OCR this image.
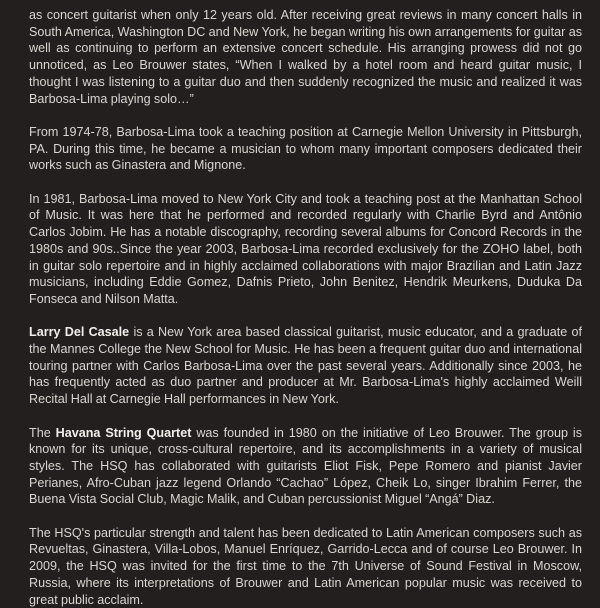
as concert guitarist when only 12 years old. After receiving great reviews in many concert halls in South America, Washington DC and New York, he began writing his own arrangements for guitar as well as continuing to perform an extensive concert schedule. His arranging prowess did not go unnoticed, as Leo Brouwer states, “When I walked by a hotel room and heard guitar music, I thought I was listening to a guitar duo and then suddenly recognized the music and realized it was Barbosa-Lima playing solo…”

From 1974-78, Barbosa-Lima took a teaching position at Carnegie Mellon University in Pittsburgh, PA. During this time, he became a musician to whom many important composers dedicated their works such as Ginastera and Mignone.

In 1981, Barbosa-Lima moved to New York City and took a teaching post at the Manhattan School of Music. It was here that he performed and recorded regularly with Charlie Byrd and Antônio Carlos Jobim. He has a notable discography, recording several albums for Concord Records in the 1980s and 90s..Since the year 2003, Barbosa-Lima recorded exclusively for the ZOHO label, both in guitar solo repertoire and in highly acclaimed collaborations with major Brazilian and Latin Jazz musicians, including Eddie Gomez, Dafnis Prieto, John Benitez, Hendrik Meurkens, Duduka Da Fonseca and Nilson Matta.

Larry Del Casale is a New York area based classical guitarist, music educator, and a graduate of the Mannes College the New School for Music. He has been a frequent guitar duo and international touring partner with Carlos Barbosa-Lima over the past several years. Additionally since 2003, he has frequently acted as duo partner and producer at Mr. Barbosa-Lima's highly acclaimed Weill Recital Hall at Carnegie Hall performances in New York.

The Havana String Quartet was founded in 1980 on the initiative of Leo Brouwer. The group is known for its unique, cross-cultural repertoire, and its accomplishments in a variety of musical styles. The HSQ has collaborated with guitarists Eliot Fisk, Pepe Romero and pianist Javier Perianes, Afro-Cuban jazz legend Orlando “Cachao” López, Cheik Lo, singer Ibrahim Ferrer, the Buena Vista Social Club, Magic Malik, and Cuban percussionist Miguel “Angá” Diaz.

The HSQ's particular strength and talent has been dedicated to Latin American composers such as Revueltas, Ginastera, Villa-Lobos, Manuel Enríquez, Garrido-Lecca and of course Leo Brouwer. In 2009, the HSQ was invited for the first time to the 7th Universe of Sound Festival in Moscow, Russia, where its interpretations of Brouwer and Latin American popular music was received to great public acclaim.
